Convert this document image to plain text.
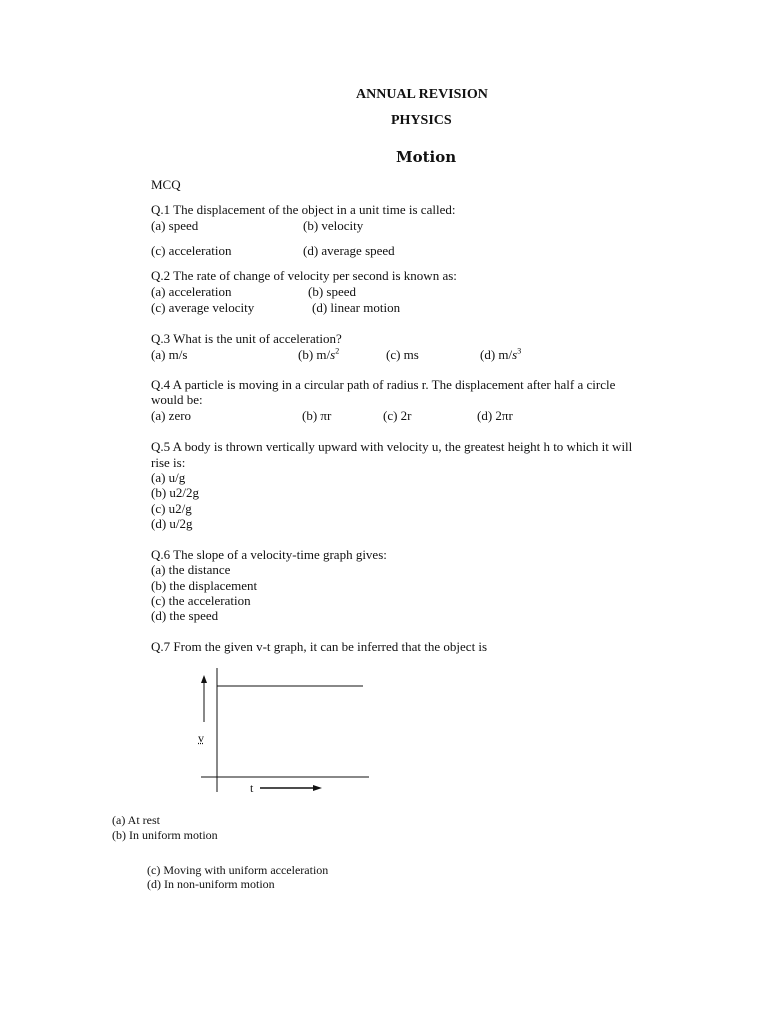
ANNUAL REVISION
PHYSICS
Motion
MCQ
Q.1 The displacement of the object in a unit time is called:
(a) speed	(b) velocity
(c) acceleration	(d) average speed
Q.2 The rate of change of velocity per second is known as:
(a) acceleration	(b) speed
(c) average velocity	(d) linear motion
Q.3 What is the unit of acceleration?
(a) m/s	(b) $m/s^2$	(c) ms	(d) $m/s^3$
Q.4 A particle is moving in a circular path of radius r. The displacement after half a circle
would be:
(a) zero	(b) πr	(c) 2r	(d) 2πr
Q.5 A body is thrown vertically upward with velocity u, the greatest height h to which it will
rise is:
(a) u/g
(b) u2/2g
(c) u2/g
(d) u/2g
Q.6 The slope of a velocity-time graph gives:
(a) the distance
(b) the displacement
(c) the acceleration
(d) the speed
Q.7 From the given v-t graph, it can be inferred that the object is
v
t
(a) At rest
(b) In uniform motion
(c) Moving with uniform acceleration
(d) In non-uniform motion
